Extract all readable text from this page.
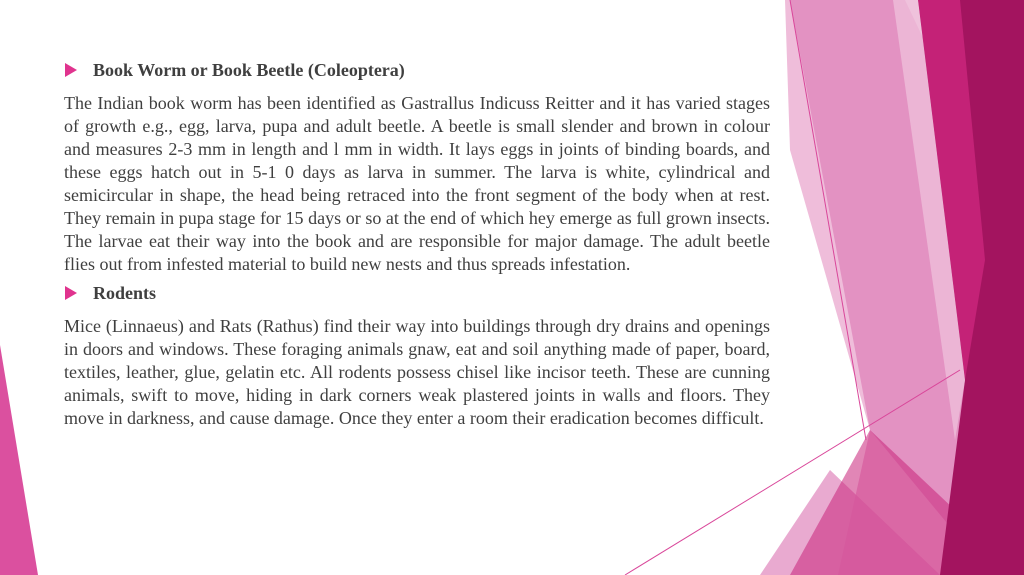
Book Worm or Book Beetle (Coleoptera)

The Indian book worm has been identified as Gastrallus Indicuss Reitter and it has varied stages of growth e.g., egg, larva, pupa and adult beetle. A beetle is small slender and brown in colour and measures 2-3 mm in length and l mm in width. It lays eggs in joints of binding boards, and these eggs hatch out in 5-1 0 days as larva in summer. The larva is white, cylindrical and semicircular in shape, the head being retraced into the front segment of the body when at rest. They remain in pupa stage for 15 days or so at the end of which hey emerge as full grown insects. The larvae eat their way into the book and are responsible for major damage. The adult beetle flies out from infested material to build new nests and thus spreads infestation.

Rodents

Mice (Linnaeus) and Rats (Rathus) find their way into buildings through dry drains and openings in doors and windows. These foraging animals gnaw, eat and soil anything made of paper, board, textiles, leather, glue, gelatin etc. All rodents possess chisel like incisor teeth. These are cunning animals, swift to move, hiding in dark corners weak plastered joints in walls and floors. They move in darkness, and cause damage. Once they enter a room their eradication becomes difficult.
